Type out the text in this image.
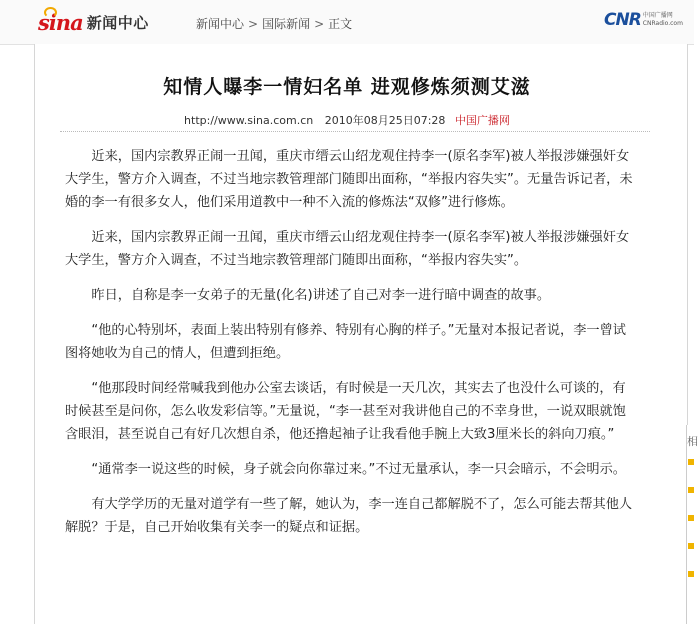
sina 新闻中心	新闻中心 > 国际新闻 > 正文	CNR 中国广播网
CNRadio.com
知情人曝李一情妇名单 进观修炼须测艾滋
http://www.sina.com.cn 2010年08月25日07:28 中国广播网

近来，国内宗教界正闹一丑闻，重庆市缙云山绍龙观住持李一(原名李军)被人举报涉嫌强奸女大学生，警方介入调查，不过当地宗教管理部门随即出面称，“举报内容失实”。无量告诉记者，未婚的李一有很多女人，他们采用道教中一种不入流的修炼法“双修”进行修炼。

近来，国内宗教界正闹一丑闻，重庆市缙云山绍龙观住持李一(原名李军)被人举报涉嫌强奸女大学生，警方介入调查，不过当地宗教管理部门随即出面称，“举报内容失实”。

昨日，自称是李一女弟子的无量(化名)讲述了自己对李一进行暗中调查的故事。

“他的心特别坏，表面上装出特别有修养、特别有心胸的样子。”无量对本报记者说，李一曾试图将她收为自己的情人，但遭到拒绝。

“他那段时间经常喊我到他办公室去谈话，有时候是一天几次，其实去了也没什么可谈的，有时候甚至是问你，怎么收发彩信等。”无量说，“李一甚至对我讲他自己的不幸身世，一说双眼就饱含眼泪，甚至说自己有好几次想自杀，他还撸起袖子让我看他手腕上大致3厘米长的斜向刀痕。”

“通常李一说这些的时候，身子就会向你靠过来。”不过无量承认，李一只会暗示，不会明示。

有大学学历的无量对道学有一些了解，她认为，李一连自己都解脱不了，怎么可能去帮其他人解脱？于是，自己开始收集有关李一的疑点和证据。

相
